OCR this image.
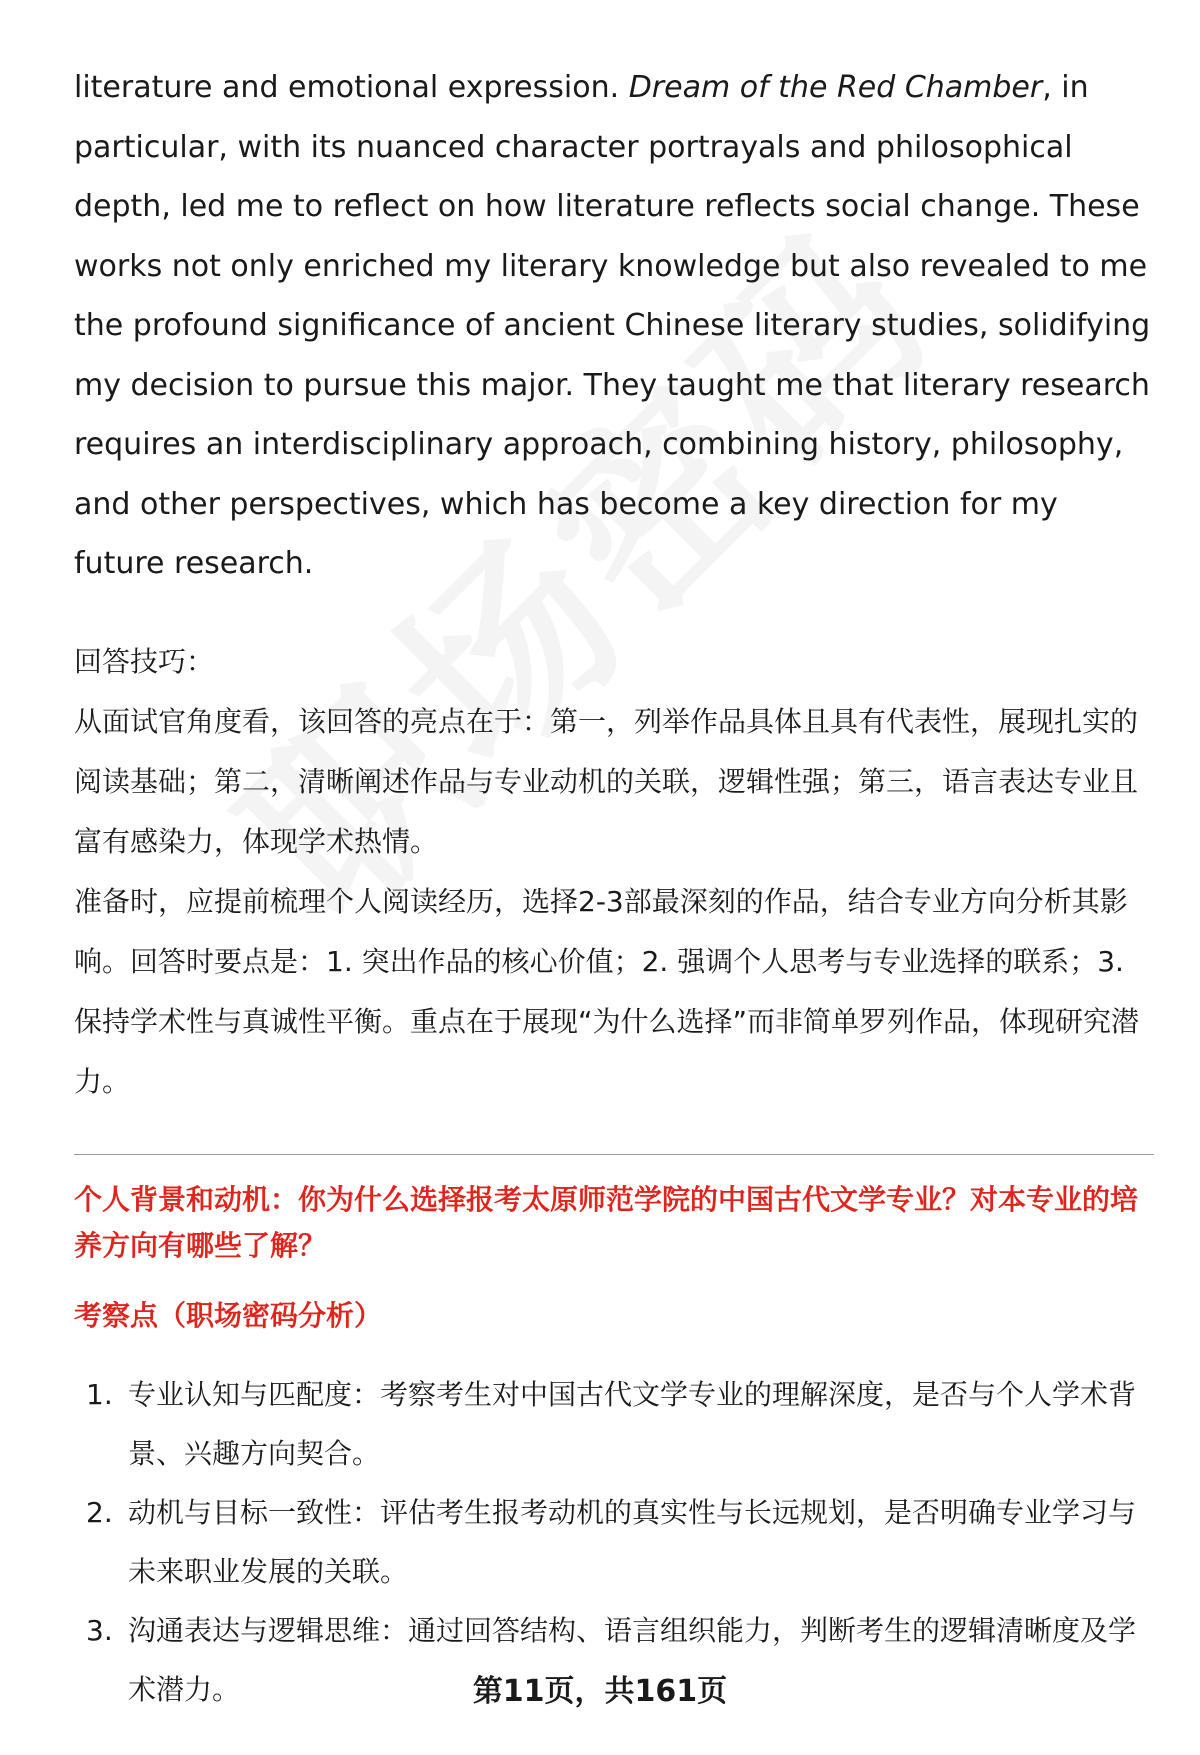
literature and emotional expression. Dream of the Red Chamber, in particular, with its nuanced character portrayals and philosophical depth, led me to reflect on how literature reflects social change. These works not only enriched my literary knowledge but also revealed to me the profound significance of ancient Chinese literary studies, solidifying my decision to pursue this major. They taught me that literary research requires an interdisciplinary approach, combining history, philosophy, and other perspectives, which has become a key direction for my future research.

回答技巧：

从面试官角度看，该回答的亮点在于：第一，列举作品具体且具有代表性，展现扎实的阅读基础；第二，清晰阐述作品与专业动机的关联，逻辑性强；第三，语言表达专业且富有感染力，体现学术热情。

准备时，应提前梳理个人阅读经历，选择2-3部最深刻的作品，结合专业方向分析其影响。回答时要点是：1. 突出作品的核心价值；2. 强调个人思考与专业选择的联系；3. 保持学术性与真诚性平衡。重点在于展现“为什么选择”而非简单罗列作品，体现研究潜力。

个人背景和动机：你为什么选择报考太原师范学院的中国古代文学专业？对本专业的培养方向有哪些了解？

考察点（职场密码分析）

1. 专业认知与匹配度：考察考生对中国古代文学专业的理解深度，是否与个人学术背景、兴趣方向契合。
2. 动机与目标一致性：评估考生报考动机的真实性与长远规划，是否明确专业学习与未来职业发展的关联。
3. 沟通表达与逻辑思维：通过回答结构、语言组织能力，判断考生的逻辑清晰度及学术潜力。	第11页，共161页
